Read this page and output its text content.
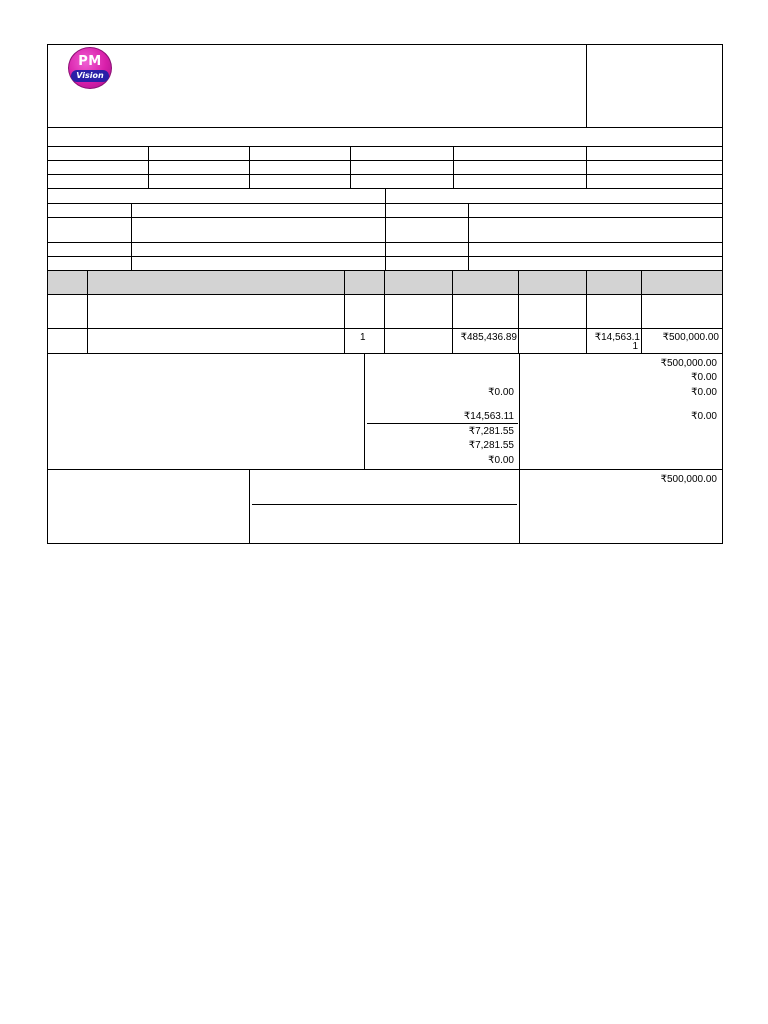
PM
Vision
1	₹485,436.89	₹14,563.1
1
₹500,000.00
₹0.00
₹14,563.11
₹7,281.55
₹7,281.55
₹0.00
₹500,000.00
₹0.00
₹0.00
₹0.00
₹500,000.00
